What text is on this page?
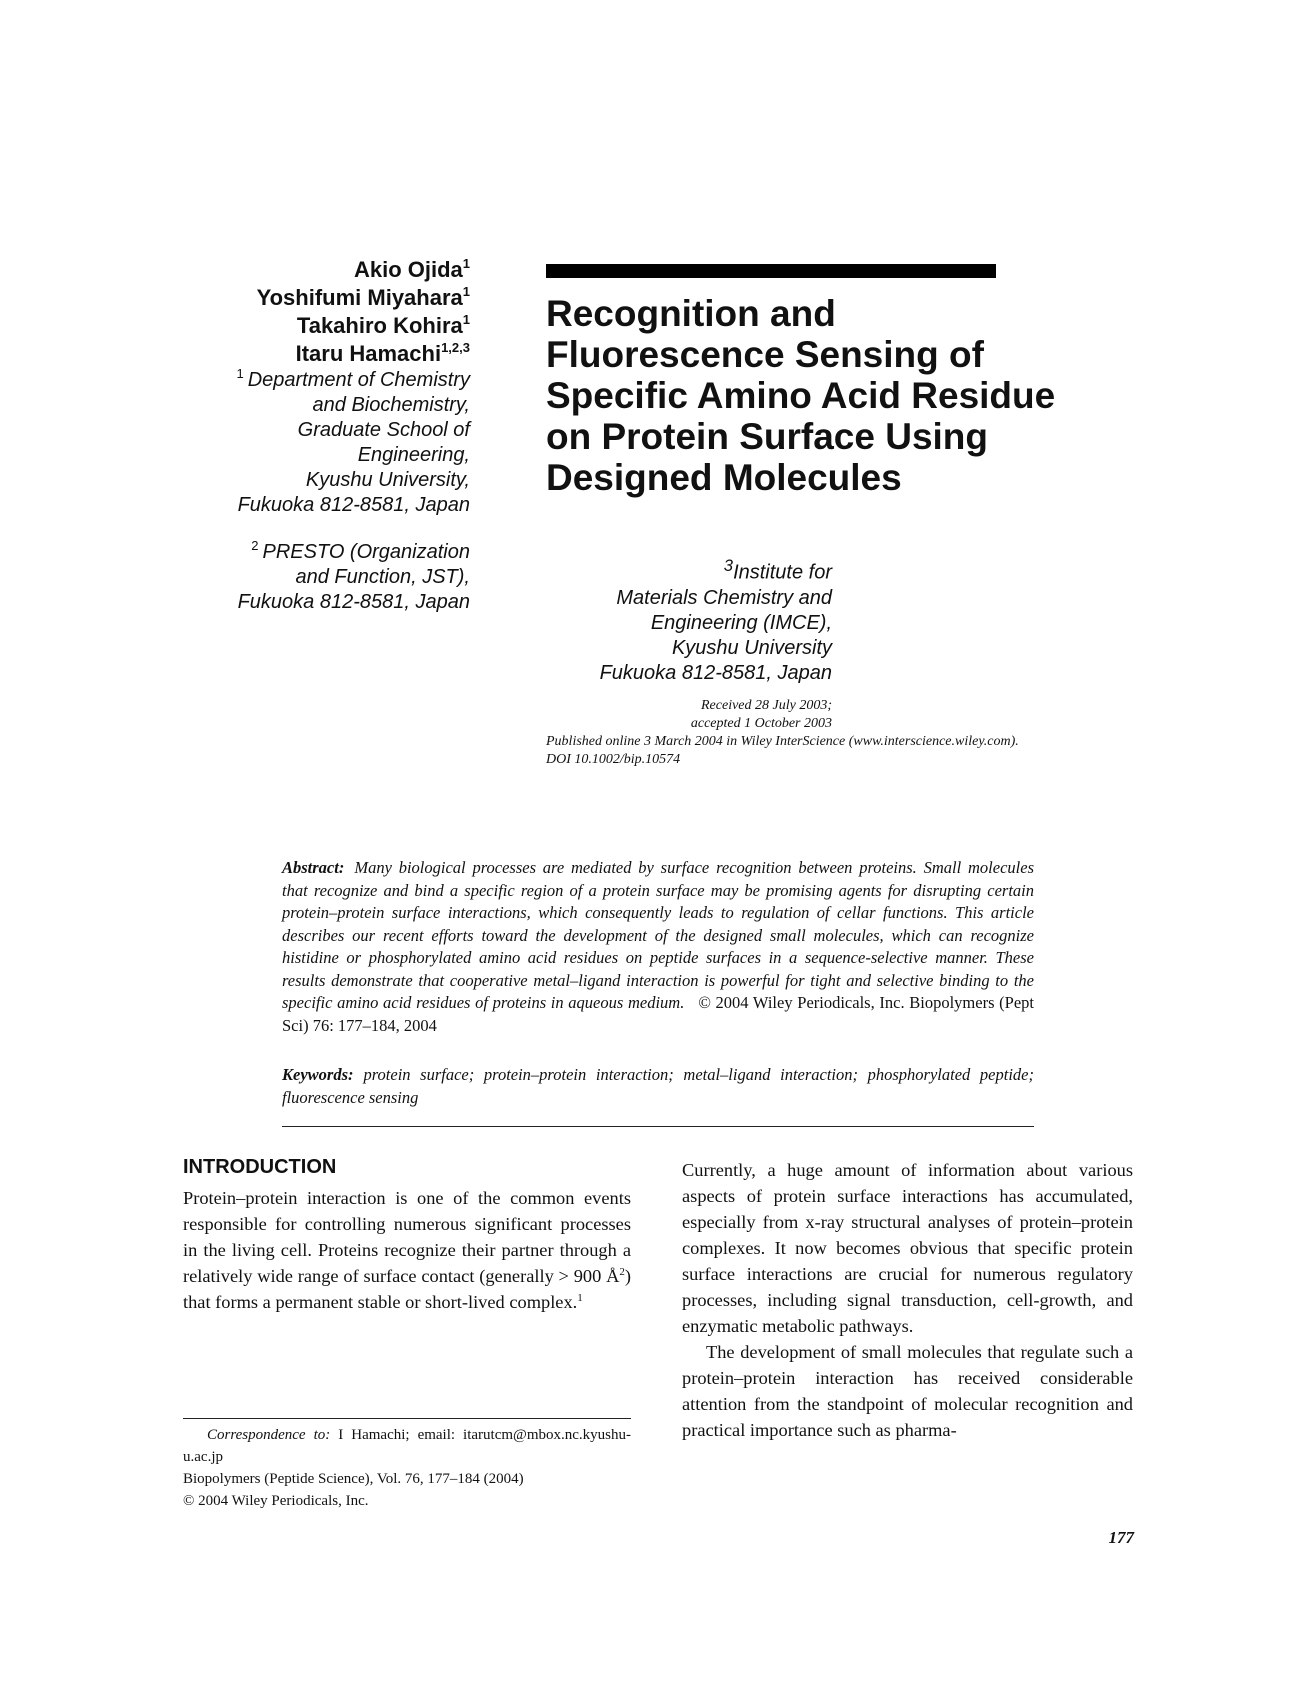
Akio Ojida$^1$
Yoshifumi Miyahara$^1$
Takahiro Kohira$^1$
Itaru Hamachi$^{1,2,3}$
$^1$ Department of Chemistry
and Biochemistry,
Graduate School of
Engineering,
Kyushu University,
Fukuoka 812-8581, Japan
$^2$ PRESTO (Organization
and Function, JST),
Fukuoka 812-8581, Japan
Recognition and
Fluorescence Sensing of
Specific Amino Acid Residue
on Protein Surface Using
Designed Molecules
$^3$Institute for
Materials Chemistry and
Engineering (IMCE),
Kyushu University
Fukuoka 812-8581, Japan
Received 28 July 2003;
accepted 1 October 2003
Published online 3 March 2004 in Wiley InterScience (www.interscience.wiley.com).
DOI 10.1002/bip.10574

Abstract: Many biological processes are mediated by surface recognition between proteins. Small molecules that recognize and bind a specific region of a protein surface may be promising agents for disrupting certain protein–protein surface interactions, which consequently leads to regulation of cellar functions. This article describes our recent efforts toward the development of the designed small molecules, which can recognize histidine or phosphorylated amino acid residues on peptide surfaces in a sequence-selective manner. These results demonstrate that cooperative metal–ligand interaction is powerful for tight and selective binding to the specific amino acid residues of proteins in aqueous medium. © 2004 Wiley Periodicals, Inc. Biopolymers (Pept Sci) 76: 177–184, 2004

Keywords: protein surface; protein–protein interaction; metal–ligand interaction; phosphorylated peptide; fluorescence sensing

INTRODUCTION

Protein–protein interaction is one of the common events responsible for controlling numerous significant processes in the living cell. Proteins recognize their partner through a relatively wide range of surface contact (generally > 900 $Å^2$) that forms a permanent stable or short-lived complex.$^1$

Currently, a huge amount of information about various aspects of protein surface interactions has accumulated, especially from x-ray structural analyses of protein–protein complexes. It now becomes obvious that specific protein surface interactions are crucial for numerous regulatory processes, including signal transduction, cell-growth, and enzymatic metabolic pathways.

The development of small molecules that regulate such a protein–protein interaction has received considerable attention from the standpoint of molecular recognition and practical importance such as pharma-

Correspondence to: I Hamachi; email: itarutcm@mbox.nc.kyushu-u.ac.jp

Biopolymers (Peptide Science), Vol. 76, 177–184 (2004)

© 2004 Wiley Periodicals, Inc.

177
